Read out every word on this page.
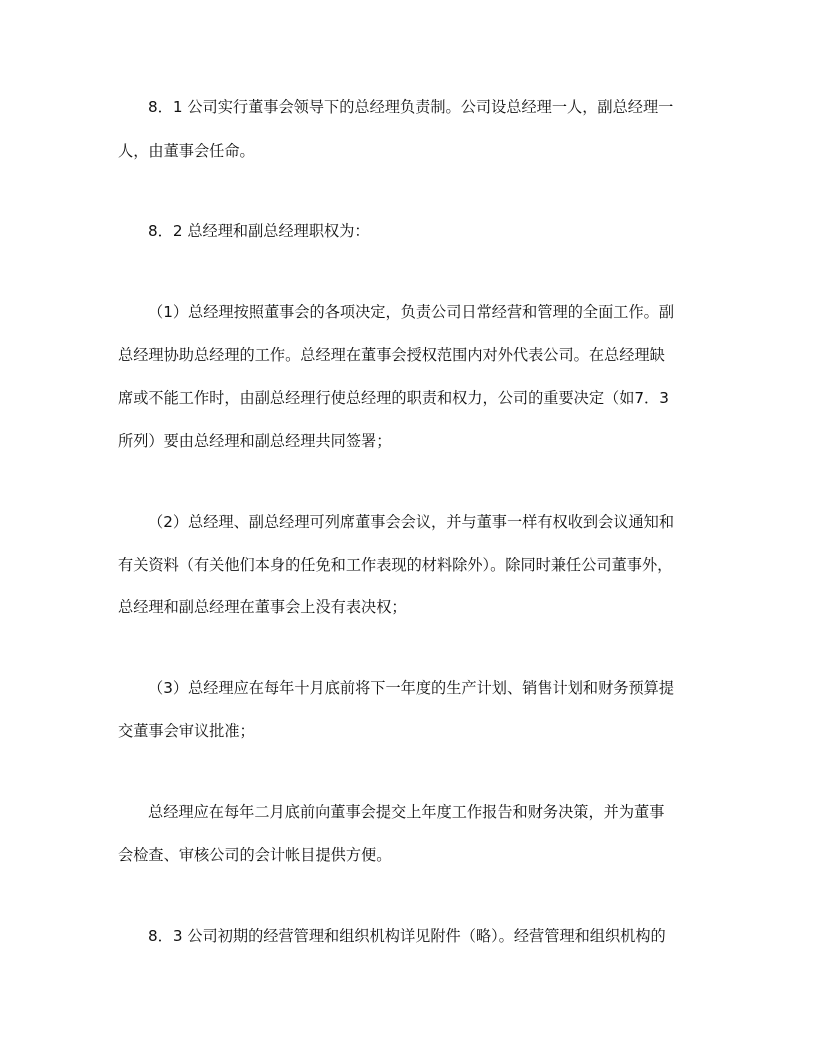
8．1 公司实行董事会领导下的总经理负责制。公司设总经理一人，副总经理一
人，由董事会任命。
8．2 总经理和副总经理职权为：
（1）总经理按照董事会的各项决定，负责公司日常经营和管理的全面工作。副
总经理协助总经理的工作。总经理在董事会授权范围内对外代表公司。在总经理缺
席或不能工作时，由副总经理行使总经理的职责和权力，公司的重要决定（如7．3
所列）要由总经理和副总经理共同签署；
（2）总经理、副总经理可列席董事会会议，并与董事一样有权收到会议通知和
有关资料（有关他们本身的任免和工作表现的材料除外）。除同时兼任公司董事外，
总经理和副总经理在董事会上没有表决权；
（3）总经理应在每年十月底前将下一年度的生产计划、销售计划和财务预算提
交董事会审议批准；
总经理应在每年二月底前向董事会提交上年度工作报告和财务决策，并为董事
会检查、审核公司的会计帐目提供方便。
8．3 公司初期的经营管理和组织机构详见附件（略）。经营管理和组织机构的
